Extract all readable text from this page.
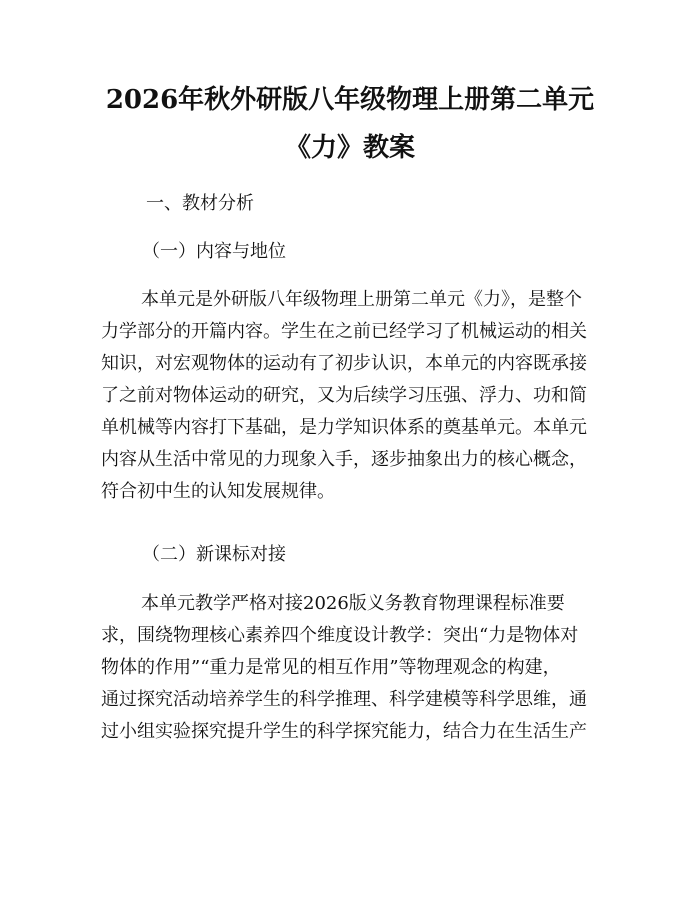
2026年秋外研版八年级物理上册第二单元
《力》教案
一、教材分析
（一）内容与地位
本单元是外研版八年级物理上册第二单元《力》，是整个
力学部分的开篇内容。学生在之前已经学习了机械运动的相关
知识，对宏观物体的运动有了初步认识，本单元的内容既承接
了之前对物体运动的研究，又为后续学习压强、浮力、功和简
单机械等内容打下基础，是力学知识体系的奠基单元。本单元
内容从生活中常见的力现象入手，逐步抽象出力的核心概念，
符合初中生的认知发展规律。
（二）新课标对接
本单元教学严格对接2026版义务教育物理课程标准要
求，围绕物理核心素养四个维度设计教学：突出“力是物体对
物体的作用”“重力是常见的相互作用”等物理观念的构建，
通过探究活动培养学生的科学推理、科学建模等科学思维，通
过小组实验探究提升学生的科学探究能力，结合力在生活生产
